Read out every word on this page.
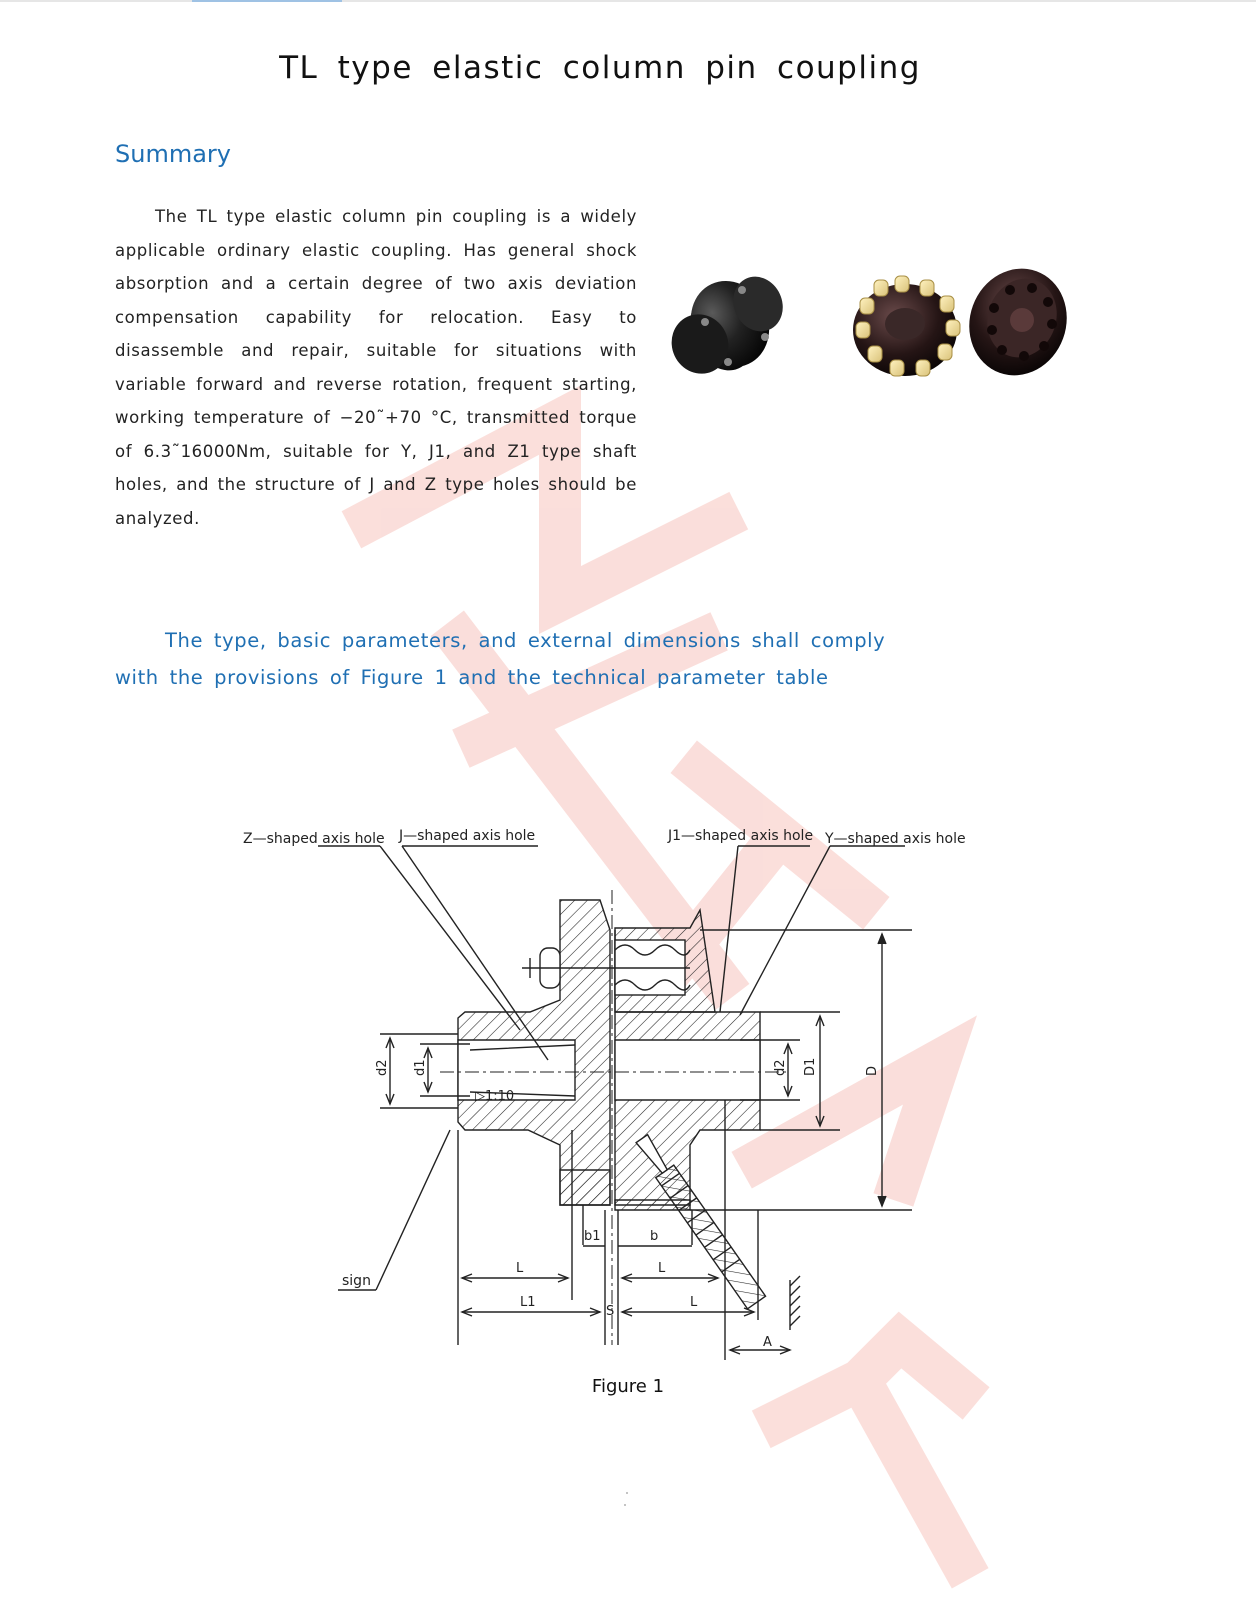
TL type elastic column pin coupling
Summary
The TL type elastic column pin coupling is a widely applicable ordinary elastic coupling. Has general shock absorption and a certain degree of two axis deviation compensation capability for relocation. Easy to disassemble and repair, suitable for situations with variable forward and reverse rotation, frequent starting, working temperature of −20˜+70 °C, transmitted torque of 6.3˜16000Nm, suitable for Y, J1, and Z1 type shaft holes, and the structure of J and Z type holes should be analyzed.
The type, basic parameters, and external dimensions shall comply with the provisions of Figure 1 and the technical parameter table
Z—shaped axis hole J—shaped axis hole	J1—shaped axis hole Y—shaped axis hole
sign
▷1:10
d2 d1	d2 D1	D
b1	b
L	L
L1	L
S
A
Figure 1
